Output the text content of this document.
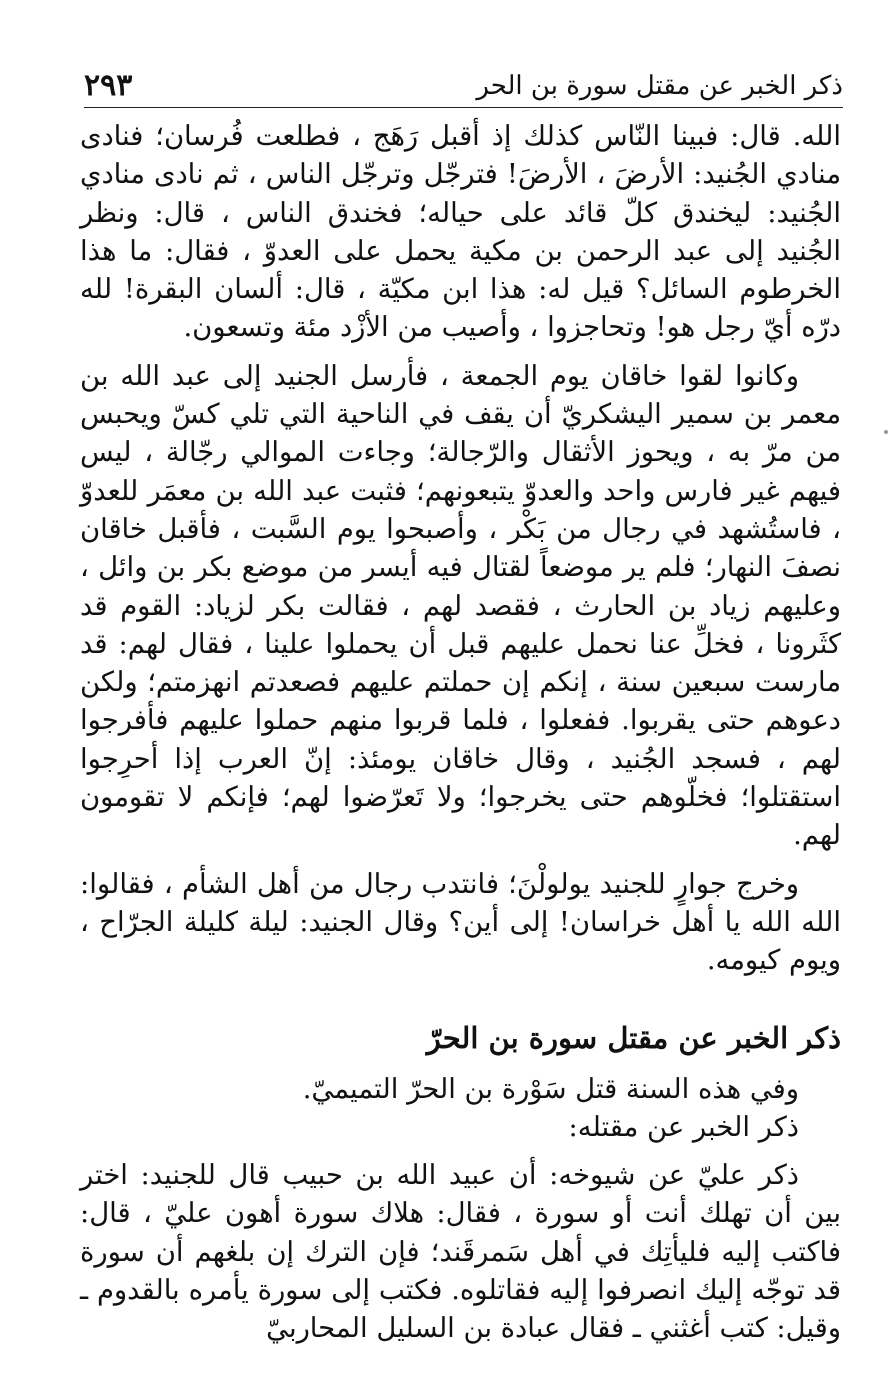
ذكر الخبر عن مقتل سورة بن الحر
٢٩٣

الله. قال: فبينا النّاس كذلك إذ أقبل رَهَج ، فطلعت فُرسان؛ فنادى منادي الجُنيد: الأرضَ ، الأرضَ! فترجّل وترجّل الناس ، ثم نادى منادي الجُنيد: ليخندق كلّ قائد على حياله؛ فخندق الناس ، قال: ونظر الجُنيد إلى عبد الرحمن بن مكية يحمل على العدوّ ، فقال: ما هذا الخرطوم السائل؟ قيل له: هذا ابن مكيّة ، قال: ألسان البقرة! لله درّه أيّ رجل هو! وتحاجزوا ، وأصيب من الأزْد مئة وتسعون.

وكانوا لقوا خاقان يوم الجمعة ، فأرسل الجنيد إلى عبد الله بن معمر بن سمير اليشكريّ أن يقف في الناحية التي تلي كسّ ويحبس من مرّ به ، ويحوز الأثقال والرّجالة؛ وجاءت الموالي رجّالة ، ليس فيهم غير فارس واحد والعدوّ يتبعونهم؛ فثبت عبد الله بن معمَر للعدوّ ، فاستُشهد في رجال من بَكْر ، وأصبحوا يوم السَّبت ، فأقبل خاقان نصفَ النهار؛ فلم ير موضعاً لقتال فيه أيسر من موضع بكر بن وائل ، وعليهم زياد بن الحارث ، فقصد لهم ، فقالت بكر لزياد: القوم قد كثَرونا ، فخلِّ عنا نحمل عليهم قبل أن يحملوا علينا ، فقال لهم: قد مارست سبعين سنة ، إنكم إن حملتم عليهم فصعدتم انهزمتم؛ ولكن دعوهم حتى يقربوا. ففعلوا ، فلما قربوا منهم حملوا عليهم فأفرجوا لهم ، فسجد الجُنيد ، وقال خاقان يومئذ: إنّ العرب إذا أحرِجوا استقتلوا؛ فخلّوهم حتى يخرجوا؛ ولا تَعرّضوا لهم؛ فإنكم لا تقومون لهم.

وخرج جوارٍ للجنيد يولولْنَ؛ فانتدب رجال من أهل الشأم ، فقالوا: الله الله يا أهل خراسان! إلى أين؟ وقال الجنيد: ليلة كليلة الجرّاح ، ويوم كيومه.

ذكر الخبر عن مقتل سورة بن الحرّ

وفي هذه السنة قتل سَوْرة بن الحرّ التميميّ.

ذكر الخبر عن مقتله:

ذكر عليّ عن شيوخه: أن عبيد الله بن حبيب قال للجنيد: اختر بين أن تهلك أنت أو سورة ، فقال: هلاك سورة أهون عليّ ، قال: فاكتب إليه فليأتِك في أهل سَمرقَند؛ فإن الترك إن بلغهم أن سورة قد توجّه إليك انصرفوا إليه فقاتلوه. فكتب إلى سورة يأمره بالقدوم ـ وقيل: كتب أغثني ـ فقال عبادة بن السليل المحاربيّ
